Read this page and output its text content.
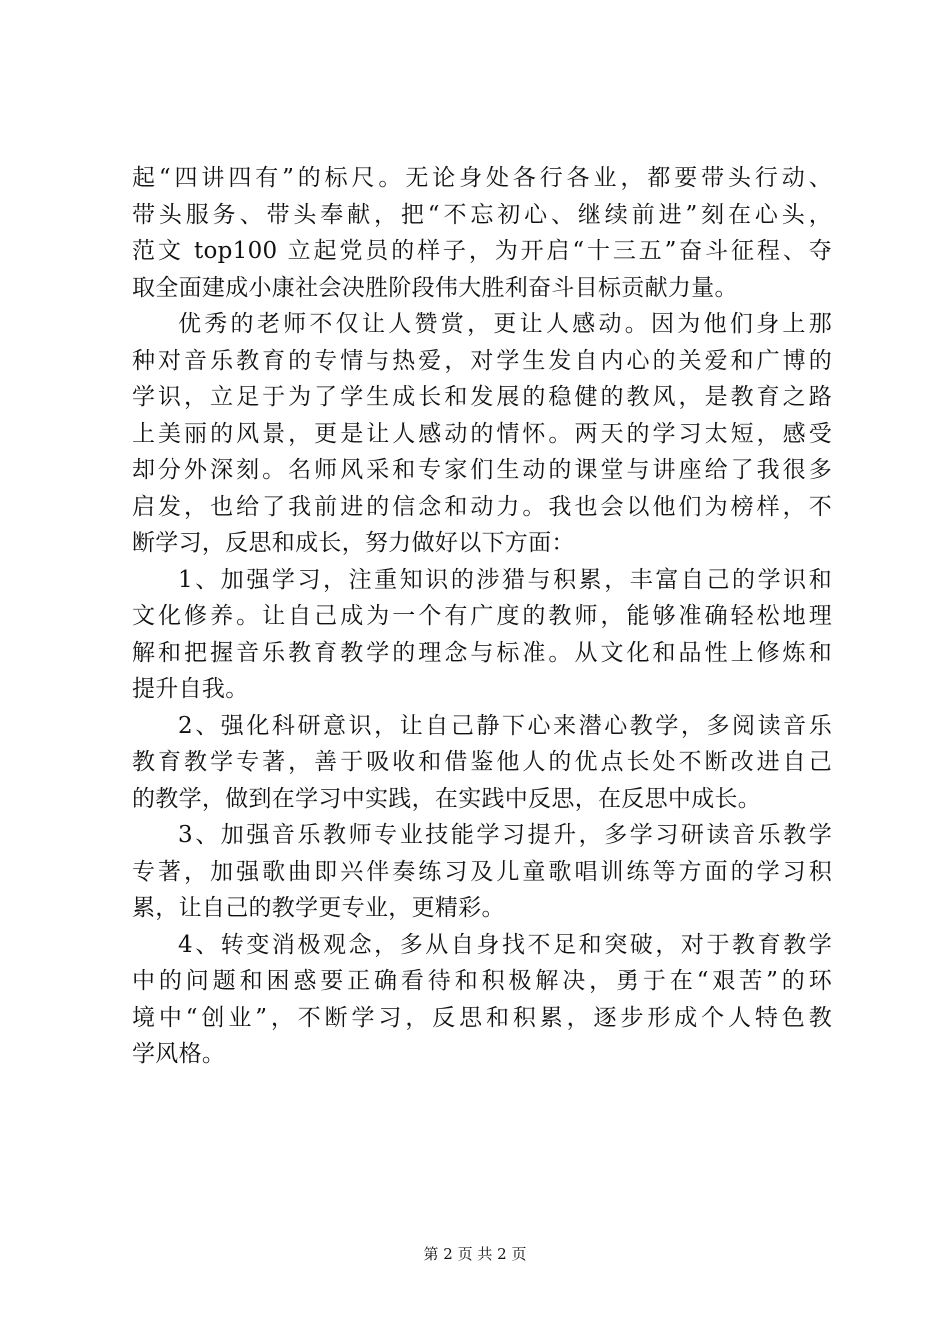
起“四讲四有”的标尺。无论身处各行各业，都要带头行动、
带头服务、带头奉献，把“不忘初心、继续前进”刻在心头，
范文 top100 立起党员的样子，为开启“十三五”奋斗征程、夺
取全面建成小康社会决胜阶段伟大胜利奋斗目标贡献力量。
优秀的老师不仅让人赞赏，更让人感动。因为他们身上那
种对音乐教育的专情与热爱，对学生发自内心的关爱和广博的
学识，立足于为了学生成长和发展的稳健的教风，是教育之路
上美丽的风景，更是让人感动的情怀。两天的学习太短，感受
却分外深刻。名师风采和专家们生动的课堂与讲座给了我很多
启发，也给了我前进的信念和动力。我也会以他们为榜样，不
断学习，反思和成长，努力做好以下方面：
1、加强学习，注重知识的涉猎与积累，丰富自己的学识和
文化修养。让自己成为一个有广度的教师，能够准确轻松地理
解和把握音乐教育教学的理念与标准。从文化和品性上修炼和
提升自我。
2、强化科研意识，让自己静下心来潜心教学，多阅读音乐
教育教学专著，善于吸收和借鉴他人的优点长处不断改进自己
的教学，做到在学习中实践，在实践中反思，在反思中成长。
3、加强音乐教师专业技能学习提升，多学习研读音乐教学
专著，加强歌曲即兴伴奏练习及儿童歌唱训练等方面的学习积
累，让自己的教学更专业，更精彩。
4、转变消极观念，多从自身找不足和突破，对于教育教学
中的问题和困惑要正确看待和积极解决，勇于在“艰苦”的环
境中“创业”，不断学习，反思和积累，逐步形成个人特色教
学风格。
第 2 页 共 2 页
